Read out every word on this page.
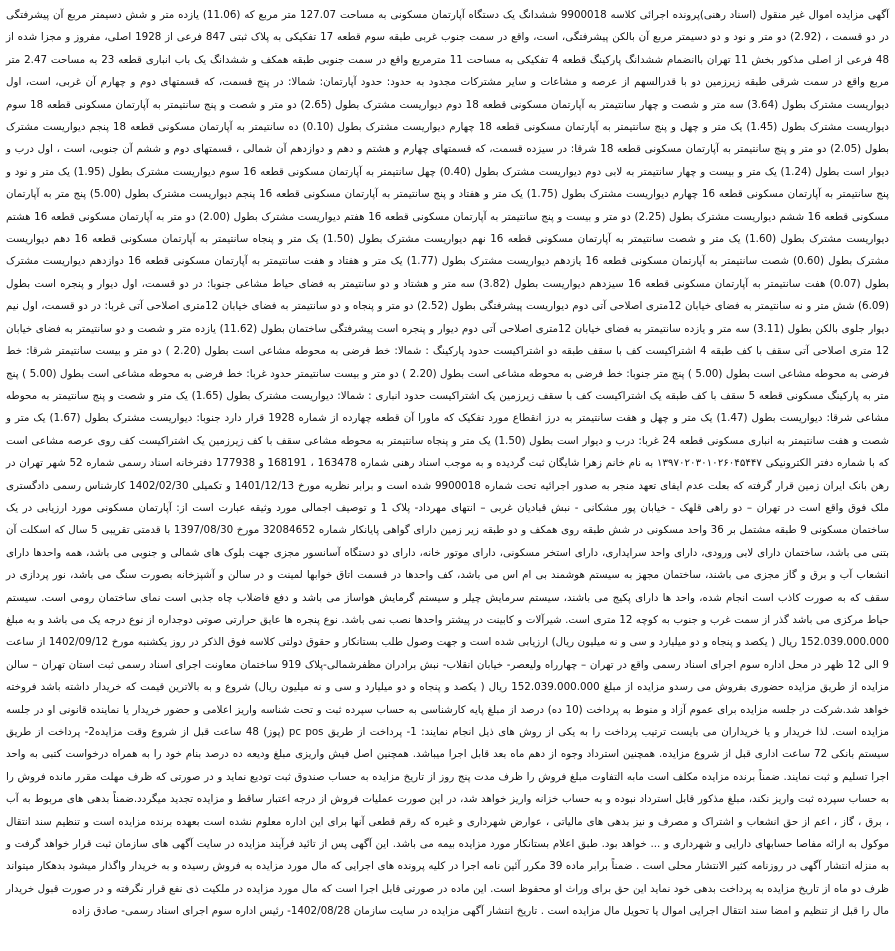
آگهی مزایده اموال غیر منقول (اسناد رهنی)پرونده اجرائی کلاسه 9900018 ششدانگ یک دستگاه آپارتمان مسکونی به مساحت 127.07 متر مربع که (11.06) یازده متر و شش دسیمتر مربع آن پیشرفتگی در دو قسمت ، (2.92) دو متر و نود و دو دسیمتر مربع آن بالکن پیشرفتگی، است، واقع در سمت جنوب غربی طبقه سوم قطعه 17 تفکیکی به پلاک ثبتی 847 فرعی از 1928 اصلی، مفروز و مجزا شده از 48 فرعی از اصلی مذکور بخش 11 تهران باانضمام ششدانگ پارکینگ قطعه 4 تفکیکی به مساحت 11 مترمربع واقع در سمت جنوبی طبقه همکف و ششدانگ یک باب انباری قطعه 23 به مساحت 2.47 متر مربع واقع در سمت شرقی طبقه زیرزمین دو با قدرالسهم از عرصه و مشاعات و سایر مشترکات مجدود به حدود: حدود آپارتمان: شمالا: در پنج قسمت، که قسمتهای دوم و چهارم آن غربی، است، اول دیواریست مشترک بطول (3.64) سه متر و شصت و چهار سانتیمتر به آپارتمان مسکونی قطعه 18 دوم دیواریست مشترک بطول (2.65) دو متر و شصت و پنج سانتیمتر به آپارتمان مسکونی قطعه 18 سوم دیواریست مشترک بطول (1.45) یک متر و چهل و پنج سانتیمتر به آپارتمان مسکونی قطعه 18 چهارم دیواریست مشترک بطول (0.10) ده سانتیمتر به آپارتمان مسکونی قطعه 18 پنجم دیواریست مشترک بطول (2.05) دو متر و پنج سانتیمتر به آپارتمان مسکونی قطعه 18 شرقا: در سیزده قسمت، که قسمتهای چهارم و هشتم و دهم و دوازدهم آن شمالی ، قسمتهای دوم و ششم آن جنوبی، است ، اول درب و دیوار است بطول (1.24) یک متر و بیست و چهار سانتیمتر به لابی دوم دیواریست مشترک بطول (0.40) چهل سانتیمتر به آپارتمان مسکونی قطعه 16 سوم دیواریست مشترک بطول (1.95) یک متر و نود و پنج سانتیمتر به آپارتمان مسکونی قطعه 16 چهارم دیواریست مشترک بطول (1.75) یک متر و هفتاد و پنج سانتیمتر به آپارتمان مسکونی قطعه 16 پنجم دیواریست مشترک بطول (5.00) پنج متر به آپارتمان مسکونی قطعه 16 ششم دیواریست مشترک بطول (2.25) دو متر و بیست و پنج سانتیمتر به آپارتمان مسکونی قطعه 16 هفتم دیواریست مشترک بطول (2.00) دو متر به آپارتمان مسکونی قطعه 16 هشتم دیواریست مشترک بطول (1.60) یک متر و شصت سانتیمتر به آپارتمان مسکونی قطعه 16 نهم دیواریست مشترک بطول (1.50) یک متر و پنجاه سانتیمتر به آپارتمان مسکونی قطعه 16 دهم دیواریست مشترک بطول (0.60) شصت سانتیمتر به آپارتمان مسکونی قطعه 16 یازدهم دیواریست مشترک بطول (1.77) یک متر و هفتاد و هفت سانتیمتر به آپارتمان مسکونی قطعه 16 دوازدهم دیواریست مشترک بطول (0.07) هفت سانتیمتر به آپارتمان مسکونی قطعه 16 سیزدهم دیواریست بطول (3.82) سه متر و هشتاد و دو سانتیمتر به فضای حیاط مشاعی جنوبا: در دو قسمت، اول دیوار و پنجره است بطول (6.09) شش متر و نه سانتیمتر به فضای خیابان 12متری اصلاحی آتی دوم دیواریست پیشرفتگی بطول (2.52) دو متر و پنجاه و دو سانتیمتر به فضای خیابان 12متری اصلاحی آتی غربا: در دو قسمت، اول نیم دیوار جلوی بالکن بطول (3.11) سه متر و یازده سانتیمتر به فضای خیابان 12متری اصلاحی آتی دوم دیوار و پنجره است پیشرفتگی ساختمان بطول (11.62) یازده متر و شصت و دو سانتیمتر به فضای خیابان 12 متری اصلاحی آتی سقف با کف طبقه 4 اشتراکیست کف با سقف طبقه دو اشتراکیست حدود پارکینگ : شمالا: خط فرضی به محوطه مشاعی است بطول (2.20 ) دو متر و بیست سانتیمتر شرقا: خط فرضی به محوطه مشاعی است بطول (5.00 ) پنج متر جنوبا: خط فرضی به محوطه مشاعی است بطول (2.20 ) دو متر و بیست سانتیمتر حدود غربا: خط فرضی به محوطه مشاعی است بطول (5.00 ) پنج متر به پارکینگ مسکونی قطعه 5 سقف با کف طبقه یک اشتراکیست کف با سقف زیرزمین یک اشتراکیست حدود انباری : شمالا: دیواریست مشترک بطول (1.65) یک متر و شصت و پنج سانتیمتر به محوطه مشاعی شرقا: دیواریست بطول (1.47) یک متر و چهل و هفت سانتیمتر به درز انقطاع مورد تفکیک که ماورا آن قطعه چهارده از شماره 1928 قرار دارد جنوبا: دیواریست مشترک بطول (1.67) یک متر و شصت و هفت سانتیمتر به انباری مسکونی قطعه 24 غربا: درب و دیوار است بطول (1.50) یک متر و پنجاه سانتیمتر به محوطه مشاعی سقف با کف زیرزمین یک اشتراکیست کف روی عرصه مشاعی است که با شماره دفتر الکترونیکی ۱۳۹۷۰۲۰۳۰۱۰۲۶۰۴۵۴۴۷ به نام خانم زهرا شایگان ثبت گردیده و به موجب اسناد رهنی شماره 163478 ، 168191 و 177938 دفترخانه اسناد رسمی شماره 52 شهر تهران در رهن بانک ایران زمین قرار گرفته که بعلت عدم ایفای تعهد منجر به صدور اجرائیه تحت شماره 9900018 شده است و برابر نظریه مورخ 1401/12/13 و تکمیلی 1402/02/30 کارشناس رسمی دادگستری ملک فوق واقع است در تهران – دو راهی قلهک - خیابان پور مشکانی - نبش قبادیان غربی – انتهای مهرداد- پلاک 1 و توصیف اجمالی مورد وثیقه عبارت است از: آپارتمان مسکونی مورد ارزیابی در یک ساختمان مسکونی 9 طبقه مشتمل بر 36 واحد مسکونی در شش طبقه روی همکف و دو طبقه زیر زمین دارای گواهی پایانکار شماره 32084652 مورخ 1397/08/30 با قدمتی تقریبی 5 سال که اسکلت آن بتنی می باشد، ساختمان دارای لابی ورودی، دارای واحد سرایداری، دارای استخر مسکونی، دارای موتور خانه، دارای دو دستگاه آسانسور مجزی جهت بلوک های شمالی و جنوبی می باشد، همه واحدها دارای انشعاب آب و برق و گاز مجزی می باشند، ساختمان مجهز به سیستم هوشمند بی ام اس می باشد، کف واحدها در قسمت اتاق خوابها لمینت و در سالن و آشپزخانه بصورت سنگ می باشد، نور پردازی در سقف که به صورت کاذب است انجام شده، واحد ها دارای پکیج می باشند، سیستم سرمایش چیلر و سیستم گرمایش هواساز می باشد و دفع فاضلاب چاه جذبی است نمای ساختمان رومی است. سیستم حیاط مرکزی می باشد گذر از سمت غرب و جنوب به کوچه 12 متری است. شیرآلات و کابینت در پیشتر واحدها نصب نمی باشد. نوع پنجره ها عایق حرارتی صوتی دوجداره از نوع درجه یک می باشد و به مبلغ 152.039.000.000 ریال ( یکصد و پنجاه و دو میلیارد و سی و نه میلیون ریال) ارزیابی شده است و جهت وصول طلب بستانکار و حقوق دولتی کلاسه فوق الذکر در روز یکشنبه مورخ 1402/09/12 از ساعت 9 الی 12 ظهر در محل اداره سوم اجرای اسناد رسمی واقع در تهران – چهارراه ولیعصر- خیابان انقلاب- نبش برادران مظفرشمالی-پلاک 919 ساختمان معاونت اجرای اسناد رسمی ثبت استان تهران – سالن مزایده از طریق مزایده حضوری بفروش می رسدو مزایده از مبلغ 152.039.000.000 ریال ( یکصد و پنجاه و دو میلیارد و سی و نه میلیون ریال) شروع و به بالاترین قیمت که خریدار داشته باشد فروخته خواهد شد.شرکت در جلسه مزایده برای عموم آزاد و منوط به پرداخت (10 ده) درصد از مبلغ پایه کارشناسی به حساب سپرده ثبت و تحت شناسه واریز اعلامی و حضور خریدار یا نماینده قانونی او در جلسه مزایده است. لذا خریدار و یا خریداران می بایست ترتیب پرداخت را به یکی از روش های ذیل انجام نمایند: 1- پرداخت از طریق pc pos (پوز) 48 ساعت قبل از شروع وقت مزایده2- پرداخت از طریق سیستم بانکی 72 ساعت اداری قبل از شروع مزایده. همچنین استرداد وجوه از دهم ماه بعد قابل اجرا میباشد. همچنین اصل فیش واریزی مبلغ ودیعه ده درصد بنام خود را به همراه درخواست کتبی به واحد اجرا تسلیم و ثبت نمایند. ضمناً برنده مزایده مکلف است مابه التفاوت مبلغ فروش را ظرف مدت پنج روز از تاریخ مزایده به حساب صندوق ثبت تودیع نماید و در صورتی که ظرف مهلت مقرر مانده فروش را به حساب سپرده ثبت واریز نکند، مبلغ مذکور قابل استرداد نبوده و به حساب خزانه واریز خواهد شد، در این صورت عملیات فروش از درجه اعتبار ساقط و مزایده تجدید میگردد.ضمناً بدهی های مربوط به آب ، برق ، گاز ، اعم از حق انشعاب و اشتراک و مصرف و نیز بدهی های مالیاتی ، عوارض شهرداری و غیره که رقم قطعی آنها برای این اداره معلوم نشده است بعهده برنده مزایده است و تنظیم سند انتقال موکول به ارائه مفاصا حسابهای دارایی و شهرداری و ... خواهد بود. طبق اعلام بستانکار مورد مزایده بیمه می باشد. این آگهی پس از تائید فرآیند مزایده در سایت آگهی های سازمان ثبت قرار خواهد گرفت و به منزله انتشار آگهی در روزنامه کثیر الانتشار محلی است . ضمناً برابر ماده 39 مکرر آئین نامه اجرا در کلیه پرونده های اجرایی که مال مورد مزایده به فروش رسیده و به خریدار واگذار میشود بدهکار میتواند ظرف دو ماه از تاریخ مزایده به پرداخت بدهی خود نماید این حق برای وراث او محفوظ است. این ماده در صورتی قابل اجرا است که مال مورد مزایده در ملکیت ذی نفع قرار نگرفته و در صورت قبول خریدار مال را قبل از تنظیم و امضا سند انتقال اجرایی اموال یا تحویل مال مزایده است . تاریخ انتشار آگهی مزایده در سایت سازمان 1402/08/28- رئیس اداره سوم اجرای اسناد رسمی- صادق زاده
